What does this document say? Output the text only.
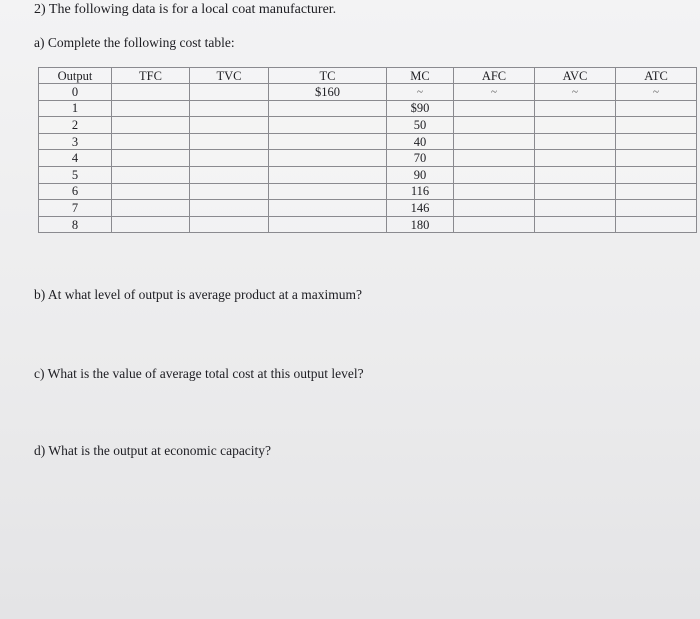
2) The following data is for a local coat manufacturer.
a) Complete the following cost table:
Output	TFC	TVC	TC	MC	AFC	AVC	ATC
0			$160	~	~	~	~
1				$90			
2				50			
3				40			
4				70			
5				90			
6				116			
7				146			
8				180			
b) At what level of output is average product at a maximum?
c) What is the value of average total cost at this output level?
d) What is the output at economic capacity?
